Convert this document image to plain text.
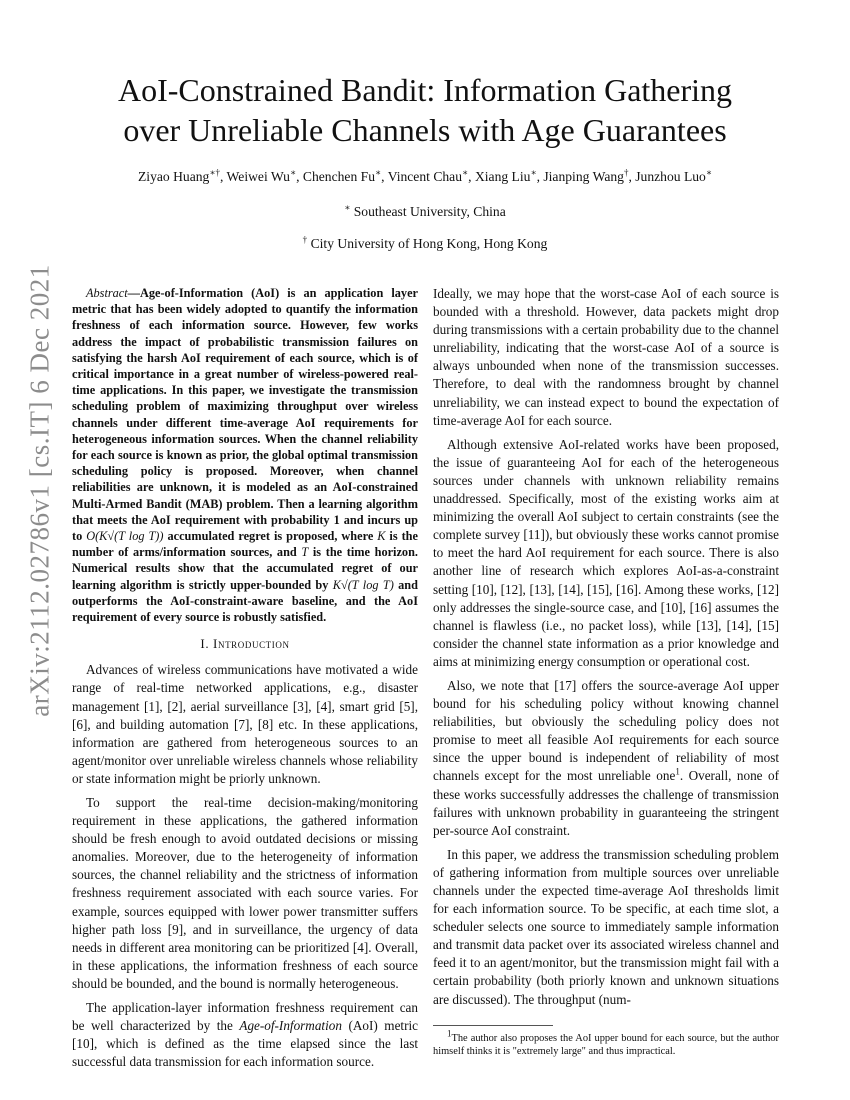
arXiv:2112.02786v1 [cs.IT] 6 Dec 2021
AoI-Constrained Bandit: Information Gathering
over Unreliable Channels with Age Guarantees
Ziyao Huang∗†, Weiwei Wu∗, Chenchen Fu∗, Vincent Chau∗, Xiang Liu∗, Jianping Wang†, Junzhou Luo∗
∗ Southeast University, China
† City University of Hong Kong, Hong Kong

Abstract—Age-of-Information (AoI) is an application layer metric that has been widely adopted to quantify the information freshness of each information source. However, few works address the impact of probabilistic transmission failures on satisfying the harsh AoI requirement of each source, which is of critical importance in a great number of wireless-powered real-time applications. In this paper, we investigate the transmission scheduling problem of maximizing throughput over wireless channels under different time-average AoI requirements for heterogeneous information sources. When the channel reliability for each source is known as prior, the global optimal transmission scheduling policy is proposed. Moreover, when channel reliabilities are unknown, it is modeled as an AoI-constrained Multi-Armed Bandit (MAB) problem. Then a learning algorithm that meets the AoI requirement with probability 1 and incurs up to O(K√(T log T)) accumulated regret is proposed, where K is the number of arms/information sources, and T is the time horizon. Numerical results show that the accumulated regret of our learning algorithm is strictly upper-bounded by K√(T log T) and outperforms the AoI-constraint-aware baseline, and the AoI requirement of every source is robustly satisfied.

I. Introduction

Advances of wireless communications have motivated a wide range of real-time networked applications, e.g., disaster management [1], [2], aerial surveillance [3], [4], smart grid [5], [6], and building automation [7], [8] etc. In these applications, information are gathered from heterogeneous sources to an agent/monitor over unreliable wireless channels whose reliability or state information might be priorly unknown.

To support the real-time decision-making/monitoring requirement in these applications, the gathered information should be fresh enough to avoid outdated decisions or missing anomalies. Moreover, due to the heterogeneity of information sources, the channel reliability and the strictness of information freshness requirement associated with each source varies. For example, sources equipped with lower power transmitter suffers higher path loss [9], and in surveillance, the urgency of data needs in different area monitoring can be prioritized [4]. Overall, in these applications, the information freshness of each source should be bounded, and the bound is normally heterogeneous.

The application-layer information freshness requirement can be well characterized by the Age-of-Information (AoI) metric [10], which is defined as the time elapsed since the last successful data transmission for each information source.

Ideally, we may hope that the worst-case AoI of each source is bounded with a threshold. However, data packets might drop during transmissions with a certain probability due to the channel unreliability, indicating that the worst-case AoI of a source is always unbounded when none of the transmission successes. Therefore, to deal with the randomness brought by channel unreliability, we can instead expect to bound the expectation of time-average AoI for each source.

Although extensive AoI-related works have been proposed, the issue of guaranteeing AoI for each of the heterogeneous sources under channels with unknown reliability remains unaddressed. Specifically, most of the existing works aim at minimizing the overall AoI subject to certain constraints (see the complete survey [11]), but obviously these works cannot promise to meet the hard AoI requirement for each source. There is also another line of research which explores AoI-as-a-constraint setting [10], [12], [13], [14], [15], [16]. Among these works, [12] only addresses the single-source case, and [10], [16] assumes the channel is flawless (i.e., no packet loss), while [13], [14], [15] consider the channel state information as a prior knowledge and aims at minimizing energy consumption or operational cost.

Also, we note that [17] offers the source-average AoI upper bound for his scheduling policy without knowing channel reliabilities, but obviously the scheduling policy does not promise to meet all feasible AoI requirements for each source since the upper bound is independent of reliability of most channels except for the most unreliable one$^1$. Overall, none of these works successfully addresses the challenge of transmission failures with unknown probability in guaranteeing the stringent per-source AoI constraint.

In this paper, we address the transmission scheduling problem of gathering information from multiple sources over unreliable channels under the expected time-average AoI thresholds limit for each information source. To be specific, at each time slot, a scheduler selects one source to immediately sample information and transmit data packet over its associated wireless channel and feed it to an agent/monitor, but the transmission might fail with a certain probability (both priorly known and unknown situations are discussed). The throughput (num-

$^1$The author also proposes the AoI upper bound for each source, but the author himself thinks it is "extremely large" and thus impractical.
